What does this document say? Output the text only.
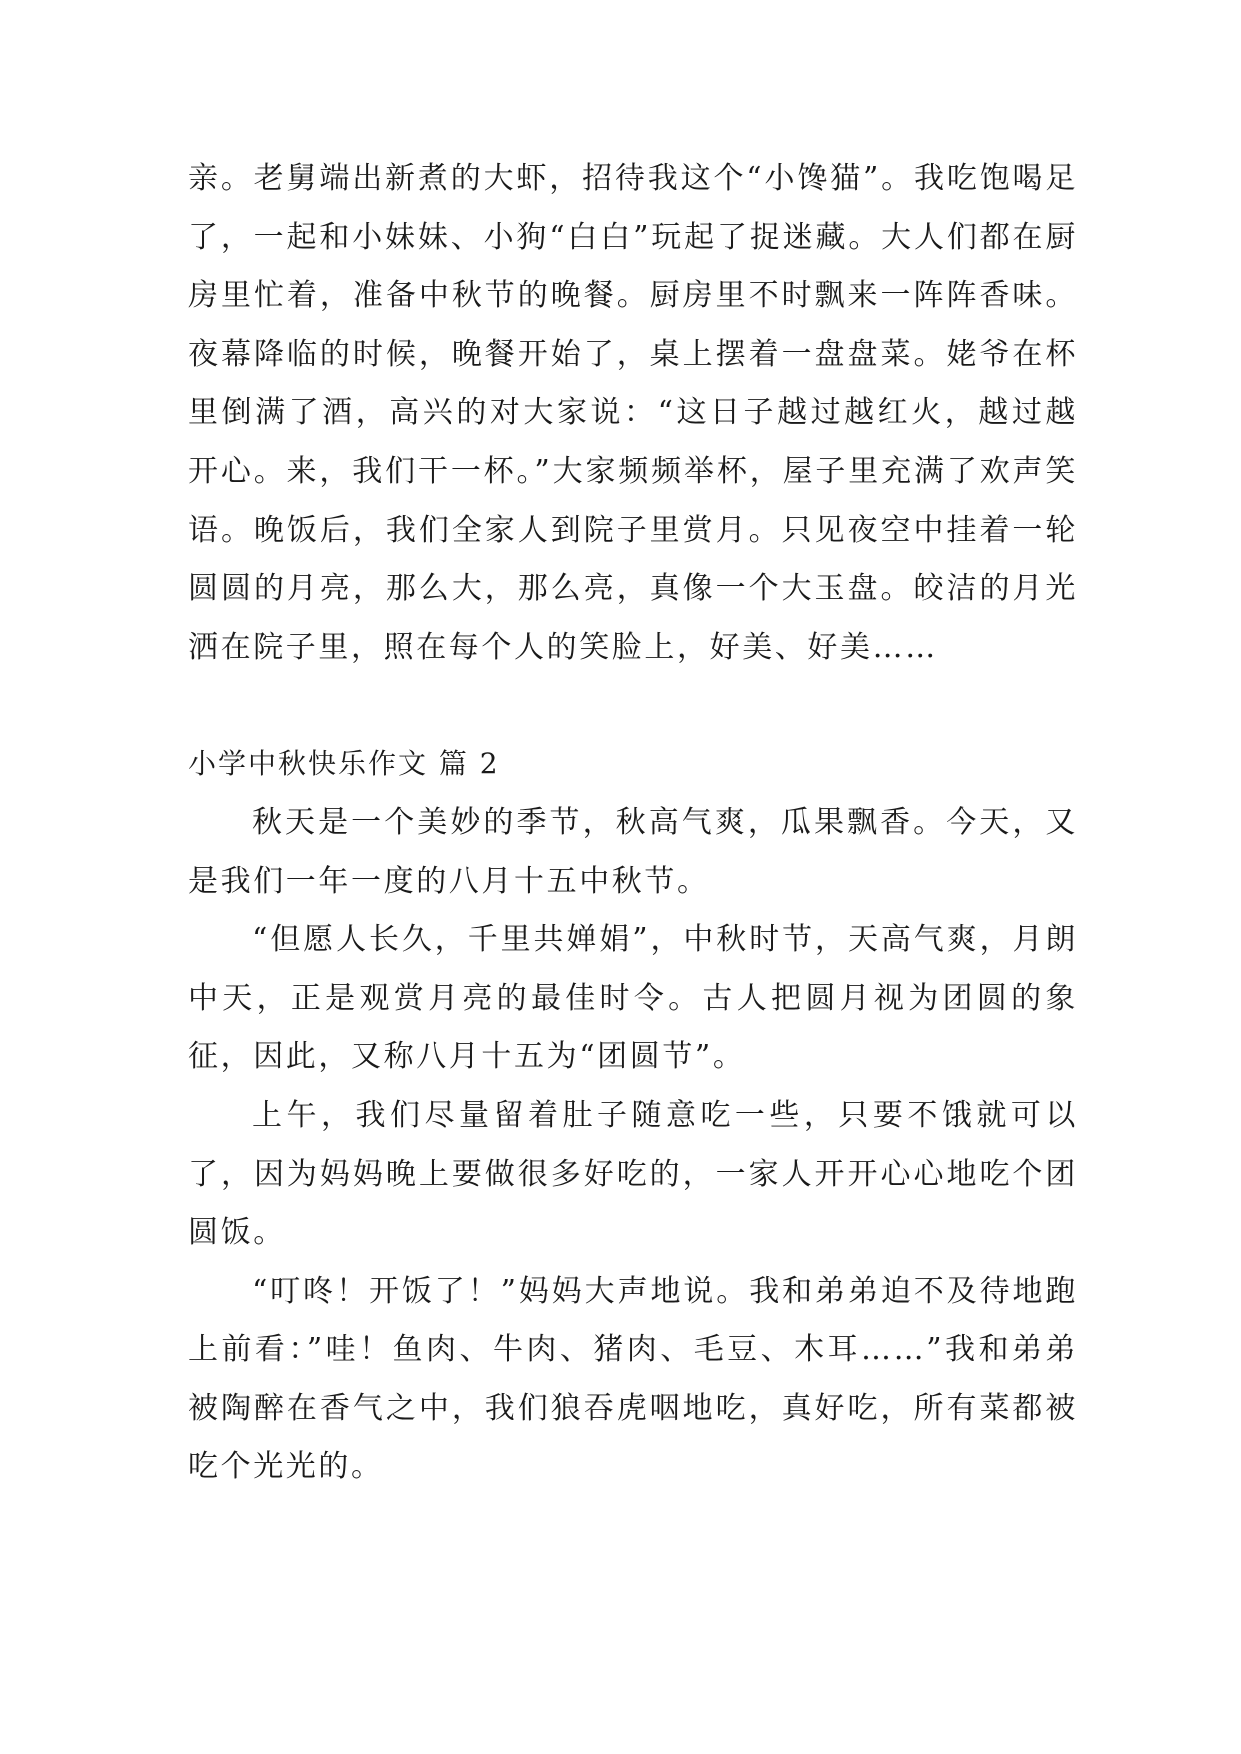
亲。老舅端出新煮的大虾，招待我这个“小馋猫”。我吃饱喝足了，一起和小妹妹、小狗“白白”玩起了捉迷藏。大人们都在厨房里忙着，准备中秋节的晚餐。厨房里不时飘来一阵阵香味。夜幕降临的时候，晚餐开始了，桌上摆着一盘盘菜。姥爷在杯里倒满了酒，高兴的对大家说：“这日子越过越红火，越过越开心。来，我们干一杯。”大家频频举杯，屋子里充满了欢声笑语。晚饭后，我们全家人到院子里赏月。只见夜空中挂着一轮圆圆的月亮，那么大，那么亮，真像一个大玉盘。皎洁的月光洒在院子里，照在每个人的笑脸上，好美、好美……

小学中秋快乐作文 篇 2

秋天是一个美妙的季节，秋高气爽，瓜果飘香。今天，又是我们一年一度的八月十五中秋节。

“但愿人长久，千里共婵娟”，中秋时节，天高气爽，月朗中天，正是观赏月亮的最佳时令。古人把圆月视为团圆的象征，因此，又称八月十五为“团圆节”。

上午，我们尽量留着肚子随意吃一些，只要不饿就可以了，因为妈妈晚上要做很多好吃的，一家人开开心心地吃个团圆饭。

“叮咚！开饭了！”妈妈大声地说。我和弟弟迫不及待地跑上前看：”哇！鱼肉、牛肉、猪肉、毛豆、木耳……”我和弟弟被陶醉在香气之中，我们狼吞虎咽地吃，真好吃，所有菜都被吃个光光的。
